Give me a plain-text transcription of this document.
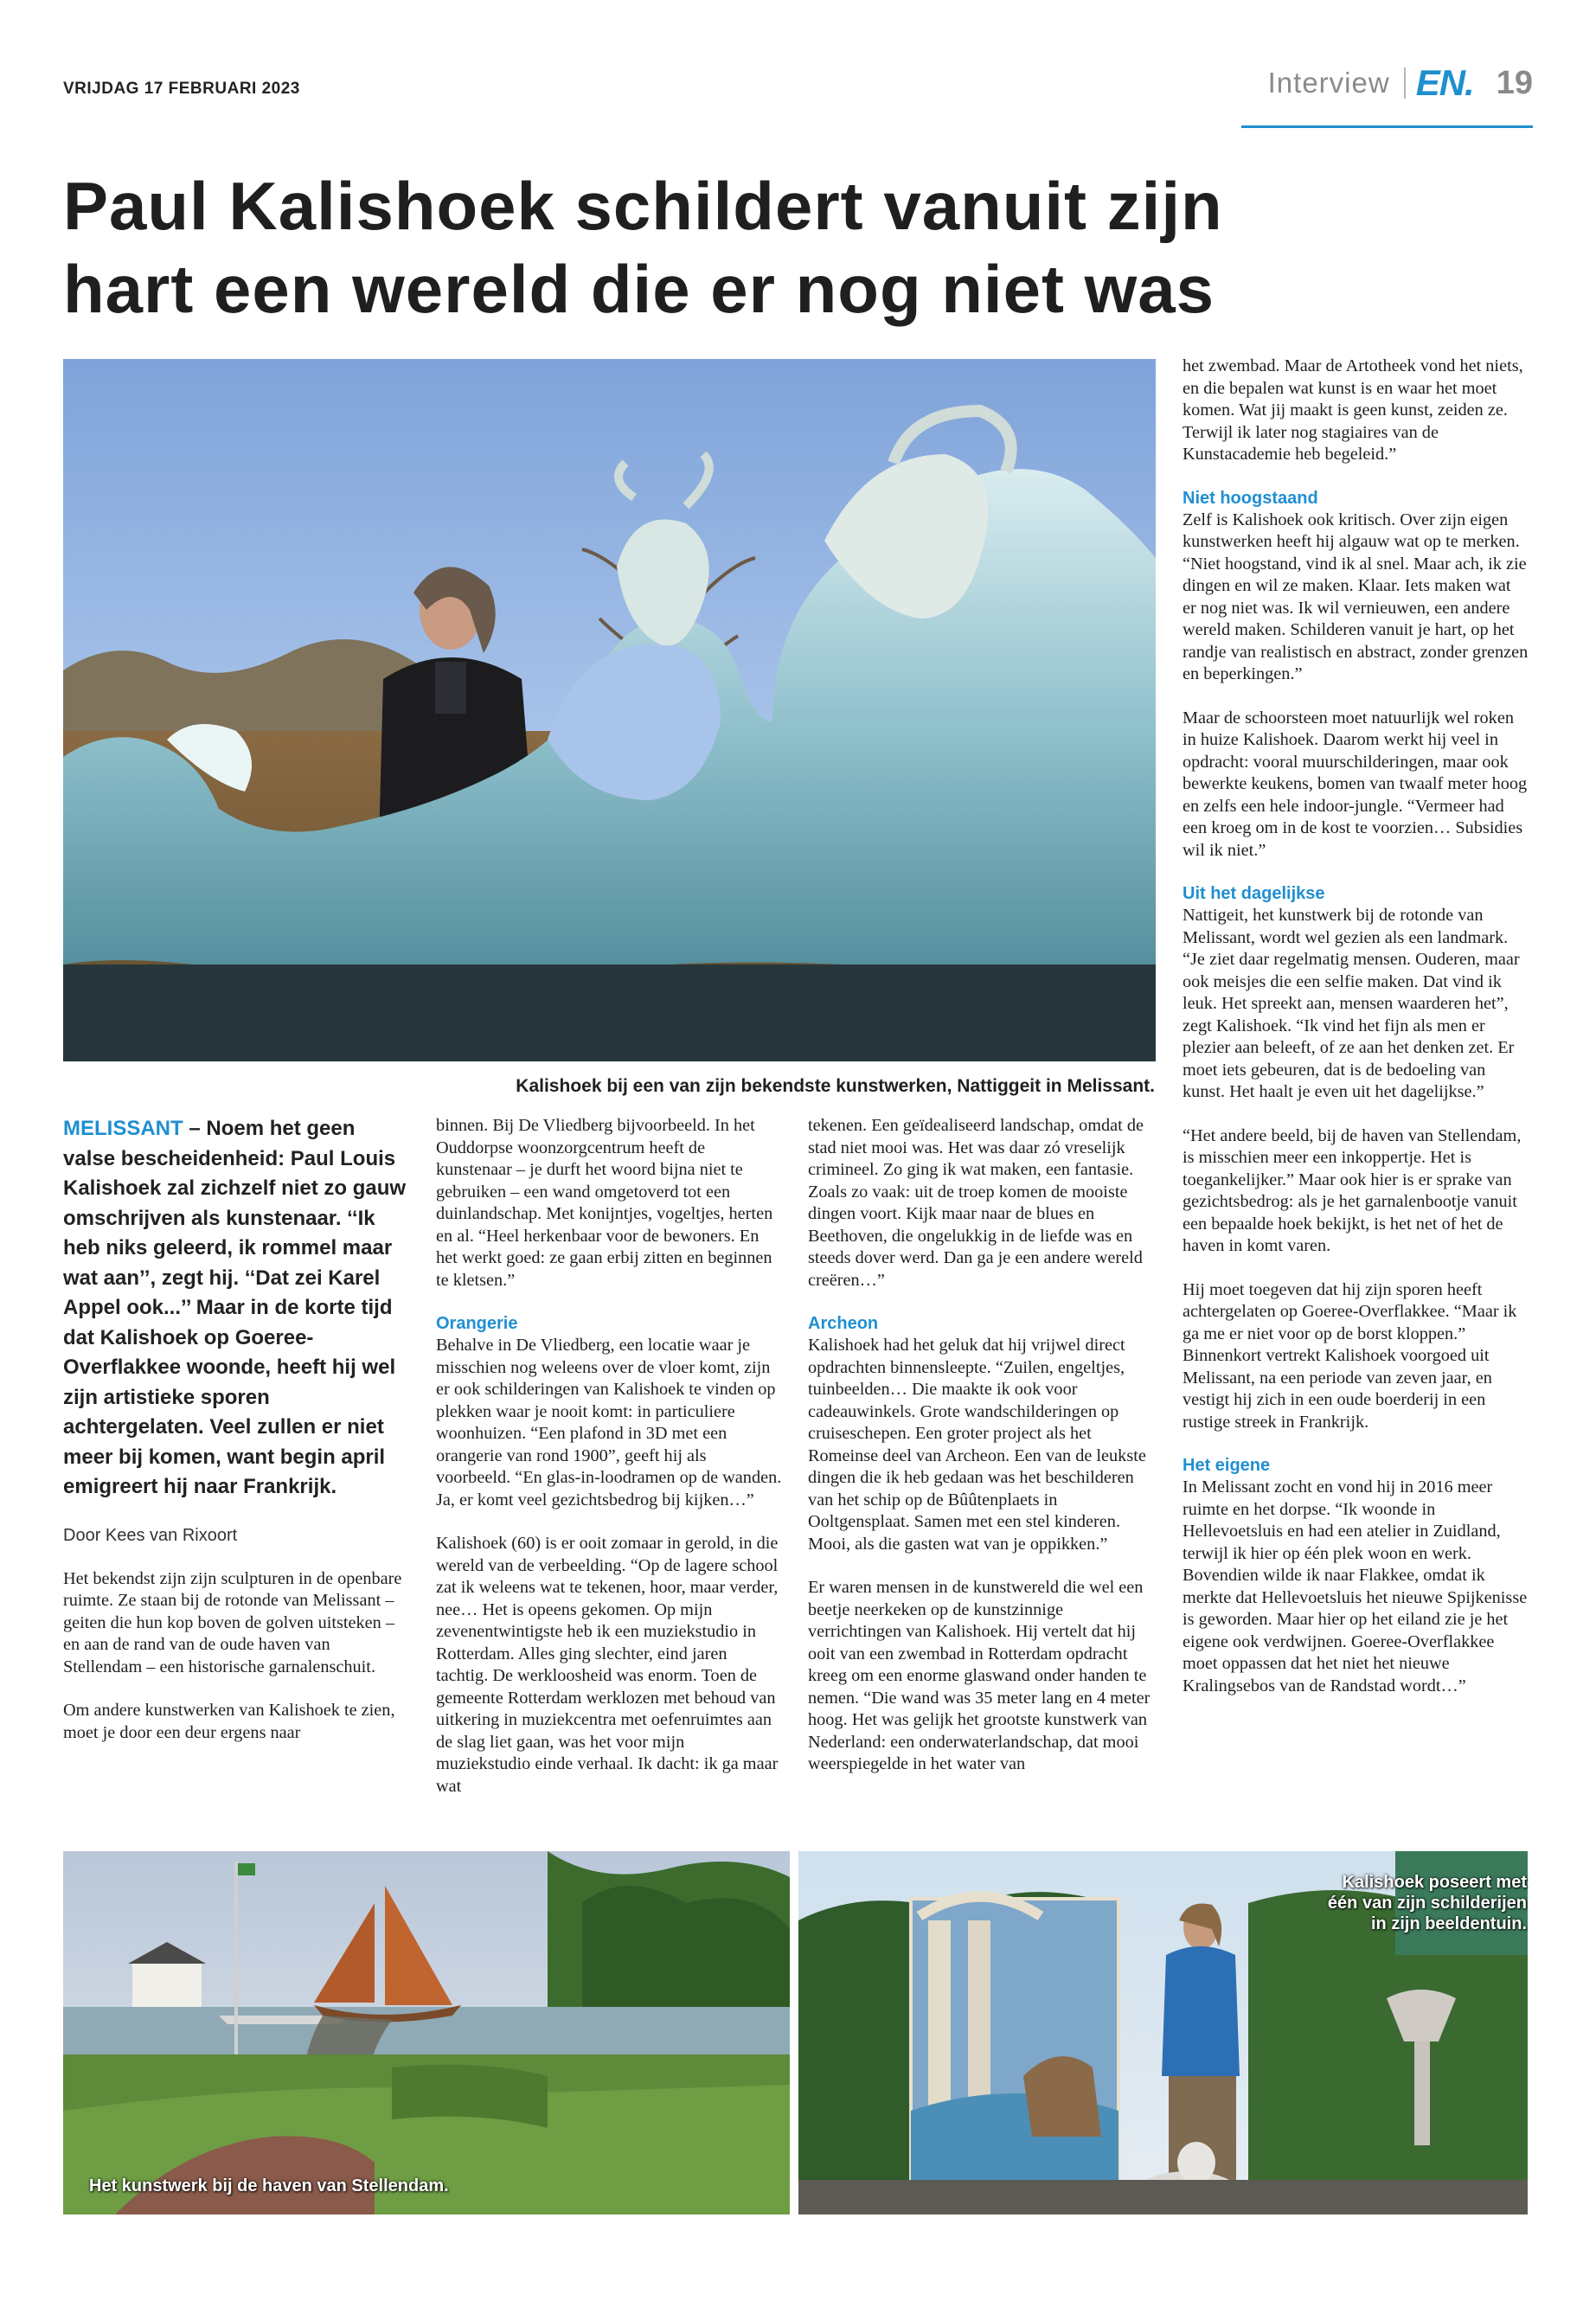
VRIJDAG 17 FEBRUARI 2023	Interview EN. 19
Paul Kalishoek schildert vanuit zijn
hart een wereld die er nog niet was
Kalishoek bij een van zijn bekendste kunstwerken, Nattiggeit in Melissant.

MELISSANT – Noem het geen valse bescheidenheid: Paul Louis Kalishoek zal zichzelf niet zo gauw omschrijven als kunstenaar. ‘‘Ik heb niks geleerd, ik rommel maar wat aan’’, zegt hij. ‘‘Dat zei Karel Appel ook...’’ Maar in de korte tijd dat Kalishoek op Goeree-Overflakkee woonde, heeft hij wel zijn artistieke sporen achtergelaten. Veel zullen er niet meer bij komen, want begin april emigreert hij naar Frankrijk.

Door Kees van Rixoort

Het bekendst zijn zijn sculpturen in de openbare ruimte. Ze staan bij de rotonde van Melissant – geiten die hun kop boven de golven uitsteken – en aan de rand van de oude haven van Stellendam – een historische garnalenschuit.

Om andere kunstwerken van Kalishoek te zien, moet je door een deur ergens naar

binnen. Bij De Vliedberg bijvoorbeeld. In het Ouddorpse woonzorgcentrum heeft de kunstenaar – je durft het woord bijna niet te gebruiken – een wand omgetoverd tot een duinlandschap. Met konijntjes, vogeltjes, herten en al. “Heel herkenbaar voor de bewoners. En het werkt goed: ze gaan erbij zitten en beginnen te kletsen.”

Orangerie

Behalve in De Vliedberg, een locatie waar je misschien nog weleens over de vloer komt, zijn er ook schilderingen van Kalishoek te vinden op plekken waar je nooit komt: in particuliere woonhuizen. “Een plafond in 3D met een orangerie van rond 1900”, geeft hij als voorbeeld. “En glas-in-loodramen op de wanden. Ja, er komt veel gezichtsbedrog bij kijken…”

Kalishoek (60) is er ooit zomaar in gerold, in die wereld van de verbeelding. “Op de lagere school zat ik weleens wat te tekenen, hoor, maar verder, nee… Het is opeens gekomen. Op mijn zevenentwintigste heb ik een muziekstudio in Rotterdam. Alles ging slechter, eind jaren tachtig. De werkloosheid was enorm. Toen de gemeente Rotterdam werklozen met behoud van uitkering in muziekcentra met oefenruimtes aan de slag liet gaan, was het voor mijn muziekstudio einde verhaal. Ik dacht: ik ga maar wat

tekenen. Een geïdealiseerd landschap, omdat de stad niet mooi was. Het was daar zó vreselijk crimineel. Zo ging ik wat maken, een fantasie. Zoals zo vaak: uit de troep komen de mooiste dingen voort. Kijk maar naar de blues en Beethoven, die ongelukkig in de liefde was en steeds dover werd. Dan ga je een andere wereld creëren…”

Archeon

Kalishoek had het geluk dat hij vrijwel direct opdrachten binnensleepte. “Zuilen, engeltjes, tuinbeelden… Die maakte ik ook voor cadeauwinkels. Grote wandschilderingen op cruiseschepen. Een groter project als het Romeinse deel van Archeon. Een van de leukste dingen die ik heb gedaan was het beschilderen van het schip op de Bûûtenplaets in Ooltgensplaat. Samen met een stel kinderen. Mooi, als die gasten wat van je oppikken.”

Er waren mensen in de kunstwereld die wel een beetje neerkeken op de kunstzinnige verrichtingen van Kalishoek. Hij vertelt dat hij ooit van een zwembad in Rotterdam opdracht kreeg om een enorme glaswand onder handen te nemen. “Die wand was 35 meter lang en 4 meter hoog. Het was gelijk het grootste kunstwerk van Nederland: een onderwaterlandschap, dat mooi weerspiegelde in het water van

het zwembad. Maar de Artotheek vond het niets, en die bepalen wat kunst is en waar het moet komen. Wat jij maakt is geen kunst, zeiden ze. Terwijl ik later nog stagiaires van de Kunstacademie heb begeleid.”

Niet hoogstaand

Zelf is Kalishoek ook kritisch. Over zijn eigen kunstwerken heeft hij algauw wat op te merken. “Niet hoogstand, vind ik al snel. Maar ach, ik zie dingen en wil ze maken. Klaar. Iets maken wat er nog niet was. Ik wil vernieuwen, een andere wereld maken. Schilderen vanuit je hart, op het randje van realistisch en abstract, zonder grenzen en beperkingen.”

Maar de schoorsteen moet natuurlijk wel roken in huize Kalishoek. Daarom werkt hij veel in opdracht: vooral muurschilderingen, maar ook bewerkte keukens, bomen van twaalf meter hoog en zelfs een hele indoor-jungle. “Vermeer had een kroeg om in de kost te voorzien… Subsidies wil ik niet.”

Uit het dagelijkse

Nattigeit, het kunstwerk bij de rotonde van Melissant, wordt wel gezien als een landmark. “Je ziet daar regelmatig mensen. Ouderen, maar ook meisjes die een selfie maken. Dat vind ik leuk. Het spreekt aan, mensen waarderen het”, zegt Kalishoek. “Ik vind het fijn als men er plezier aan beleeft, of ze aan het denken zet. Er moet iets gebeuren, dat is de bedoeling van kunst. Het haalt je even uit het dagelijkse.”

“Het andere beeld, bij de haven van Stellendam, is misschien meer een inkoppertje. Het is toegankelijker.” Maar ook hier is er sprake van gezichtsbedrog: als je het garnalenbootje vanuit een bepaalde hoek bekijkt, is het net of het de haven in komt varen.

Hij moet toegeven dat hij zijn sporen heeft achtergelaten op Goeree-Overflakkee. “Maar ik ga me er niet voor op de borst kloppen.” Binnenkort vertrekt Kalishoek voorgoed uit Melissant, na een periode van zeven jaar, en vestigt hij zich in een oude boerderij in een rustige streek in Frankrijk.

Het eigene

In Melissant zocht en vond hij in 2016 meer ruimte en het dorpse. “Ik woonde in Hellevoetsluis en had een atelier in Zuidland, terwijl ik hier op één plek woon en werk. Bovendien wilde ik naar Flakkee, omdat ik merkte dat Hellevoetsluis het nieuwe Spijkenisse is geworden. Maar hier op het eiland zie je het eigene ook verdwijnen. Goeree-Overflakkee moet oppassen dat het niet het nieuwe Kralingsebos van de Randstad wordt…”

Het kunstwerk bij de haven van Stellendam.
Kalishoek poseert met
één van zijn schilderijen
in zijn beeldentuin.
